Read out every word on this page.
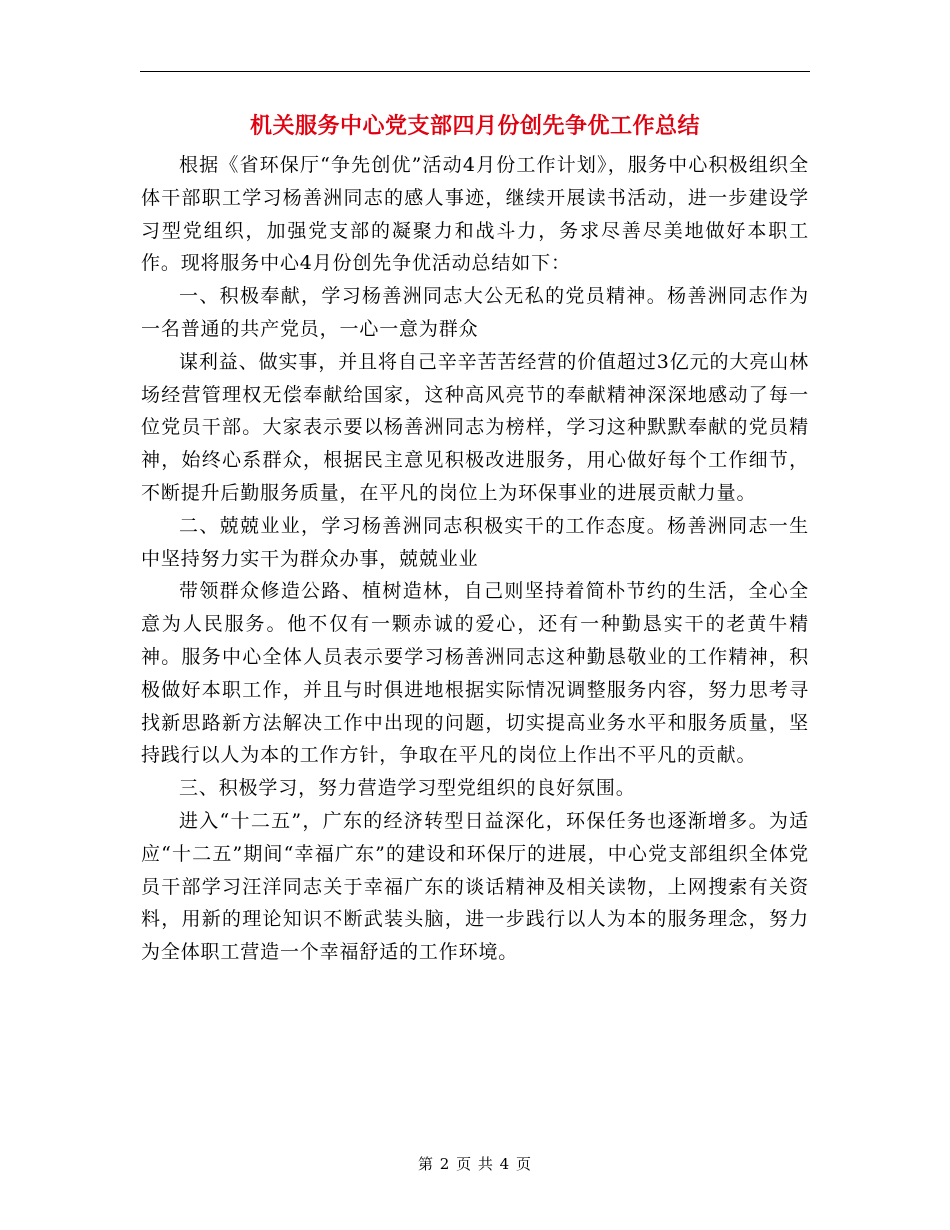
机关服务中心党支部四月份创先争优工作总结

根据《省环保厅“争先创优”活动4月份工作计划》，服务中心积极组织全体干部职工学习杨善洲同志的感人事迹，继续开展读书活动，进一步建设学习型党组织，加强党支部的凝聚力和战斗力，务求尽善尽美地做好本职工作。现将服务中心4月份创先争优活动总结如下：

一、积极奉献，学习杨善洲同志大公无私的党员精神。杨善洲同志作为一名普通的共产党员，一心一意为群众

谋利益、做实事，并且将自己辛辛苦苦经营的价值超过3亿元的大亮山林场经营管理权无偿奉献给国家，这种高风亮节的奉献精神深深地感动了每一位党员干部。大家表示要以杨善洲同志为榜样，学习这种默默奉献的党员精神，始终心系群众，根据民主意见积极改进服务，用心做好每个工作细节，不断提升后勤服务质量，在平凡的岗位上为环保事业的进展贡献力量。

二、兢兢业业，学习杨善洲同志积极实干的工作态度。杨善洲同志一生中坚持努力实干为群众办事，兢兢业业

带领群众修造公路、植树造林，自己则坚持着简朴节约的生活，全心全意为人民服务。他不仅有一颗赤诚的爱心，还有一种勤恳实干的老黄牛精神。服务中心全体人员表示要学习杨善洲同志这种勤恳敬业的工作精神，积极做好本职工作，并且与时俱进地根据实际情况调整服务内容，努力思考寻找新思路新方法解决工作中出现的问题，切实提高业务水平和服务质量，坚持践行以人为本的工作方针，争取在平凡的岗位上作出不平凡的贡献。

三、积极学习，努力营造学习型党组织的良好氛围。

进入“十二五”，广东的经济转型日益深化，环保任务也逐渐增多。为适应“十二五”期间“幸福广东”的建设和环保厅的进展，中心党支部组织全体党员干部学习汪洋同志关于幸福广东的谈话精神及相关读物，上网搜索有关资料，用新的理论知识不断武装头脑，进一步践行以人为本的服务理念，努力为全体职工营造一个幸福舒适的工作环境。

第 2 页 共 4 页
